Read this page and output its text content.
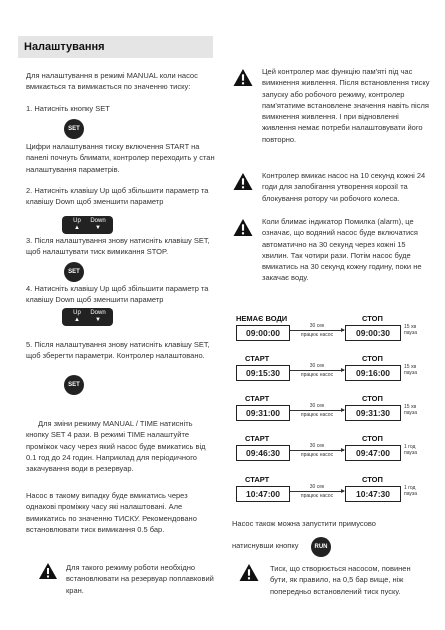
Налаштування

Для налаштування в режимі MANUAL коли насос вмикається та вимикається по значенню тиску:

1. Натисніть кнопку SET

SET

Цифри налаштування тиску включення START на панелі почнуть блимати, контролер переходить у стан налаштування параметрів.

2. Натисніть клавішу Up щоб збільшити параметр та клавішу Down щоб зменшити параметр

Up
▲
Down
▼

3. Після налаштування знову натисніть клавішу SET, щоб налаштувати тиск вимикання STOP.

SET

4. Натисніть клавішу Up щоб збільшити параметр та клавішу Down щоб зменшити параметр

Up
▲
Down
▼

5. Після налаштування знову натисніть клавішу SET, щоб зберегти параметри. Контролер налаштовано.

SET

Для зміни режиму MANUAL / TIME натисніть кнопку SET 4 рази. В режимі TIME налаштуйте проміжок часу через який насос буде вмикатись від 0.1 год до 24 годин. Наприклад для періодичного закачування води в резервуар.

Насос в такому випадку буде вмикатись через однакові проміжку часу які налаштовані. Але вимикатись по значенню ТИСКУ. Рекомендовано встановлювати тиск вимикання 0.5 бар.

Для такого режиму роботи необхідно встановлювати на резервуар поплавковий кран.

Цей контролер має функцію пам'яті під час вимкнення живлення. Після встановлення тиску запуску або робочого режиму, контролер пам'ятатиме встановлене значення навіть після вимкнення живлення. І при відновленні живлення немає потреби налаштовувати його повторно.

Контролер вмикає насос на 10 секунд кожні 24 годи для запобігання утворення корозії та блокування ротору чи робочого колеса.

Коли блимає індикатор Помилка (alarm), це означає, що водяний насос буде включатися автоматично на 30 секунд через кожні 15 хвилин. Так чотири рази. Потім насос буде вмикатись на 30 секунд кожну годину, поки не закачає воду.

НЕМАЄ ВОДИ
09:00:00
СТОП
09:00:30
30 сек
працює насос
15 хв
пауза
СТАРТ
09:15:30
СТОП
09:16:00
30 сек
працює насос
15 хв
пауза
СТАРТ
09:31:00
СТОП
09:31:30
30 сек
працює насос
15 хв
пауза
СТАРТ
09:46:30
СТОП
09:47:00
30 сек
працює насос
1 год
пауза
СТАРТ
10:47:00
СТОП
10:47:30
30 сек
працює насос
1 год
пауза

Насос також можна запустити примусово

натиснувши кнопку	RUN

Тиск, що створюється насосом, повинен бути, як правило, на 0,5 бар вище, ніж попередньо встановлений тиск пуску.
